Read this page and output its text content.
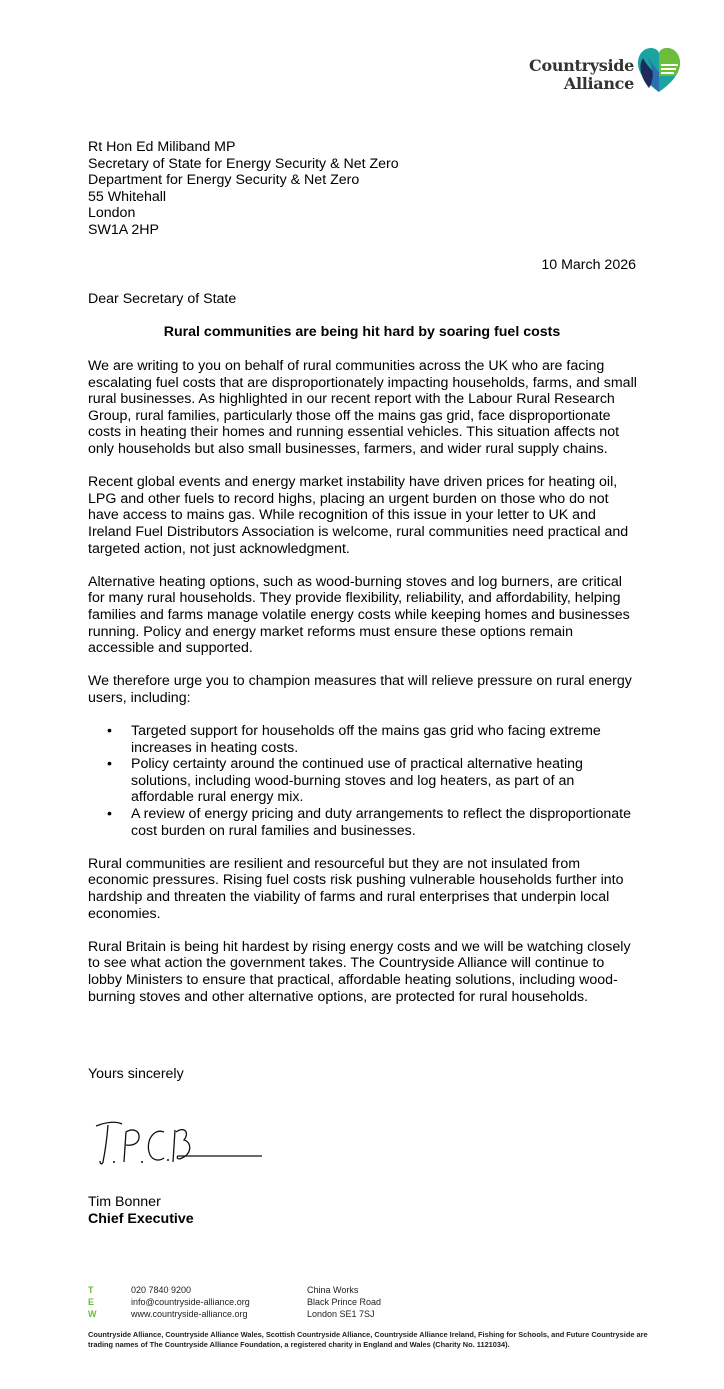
Countryside
Alliance
Rt Hon Ed Miliband MP
Secretary of State for Energy Security & Net Zero
Department for Energy Security & Net Zero
55 Whitehall
London
SW1A 2HP
10 March 2026
Dear Secretary of State
Rural communities are being hit hard by soaring fuel costs

We are writing to you on behalf of rural communities across the UK who are facing escalating fuel costs that are disproportionately impacting households, farms, and small rural businesses. As highlighted in our recent report with the Labour Rural Research Group, rural families, particularly those off the mains gas grid, face disproportionate costs in heating their homes and running essential vehicles. This situation affects not only households but also small businesses, farmers, and wider rural supply chains.

Recent global events and energy market instability have driven prices for heating oil, LPG and other fuels to record highs, placing an urgent burden on those who do not have access to mains gas. While recognition of this issue in your letter to UK and Ireland Fuel Distributors Association is welcome, rural communities need practical and targeted action, not just acknowledgment.

Alternative heating options, such as wood-burning stoves and log burners, are critical for many rural households. They provide flexibility, reliability, and affordability, helping families and farms manage volatile energy costs while keeping homes and businesses running. Policy and energy market reforms must ensure these options remain accessible and supported.

We therefore urge you to champion measures that will relieve pressure on rural energy users, including:

• Targeted support for households off the mains gas grid who facing extreme increases in heating costs.
• Policy certainty around the continued use of practical alternative heating solutions, including wood-burning stoves and log heaters, as part of an affordable rural energy mix.
• A review of energy pricing and duty arrangements to reflect the disproportionate cost burden on rural families and businesses.

Rural communities are resilient and resourceful but they are not insulated from economic pressures. Rising fuel costs risk pushing vulnerable households further into hardship and threaten the viability of farms and rural enterprises that underpin local economies.

Rural Britain is being hit hardest by rising energy costs and we will be watching closely to see what action the government takes. The Countryside Alliance will continue to lobby Ministers to ensure that practical, affordable heating solutions, including wood-burning stoves and other alternative options, are protected for rural households.

Yours sincerely
Tim Bonner
Chief Executive
T
E
W
020 7840 9200
info@countryside-alliance.org
www.countryside-alliance.org
China Works
Black Prince Road
London SE1 7SJ
Countryside Alliance, Countryside Alliance Wales, Scottish Countryside Alliance, Countryside Alliance Ireland, Fishing for Schools, and Future Countryside are trading names of The Countryside Alliance Foundation, a registered charity in England and Wales (Charity No. 1121034).
